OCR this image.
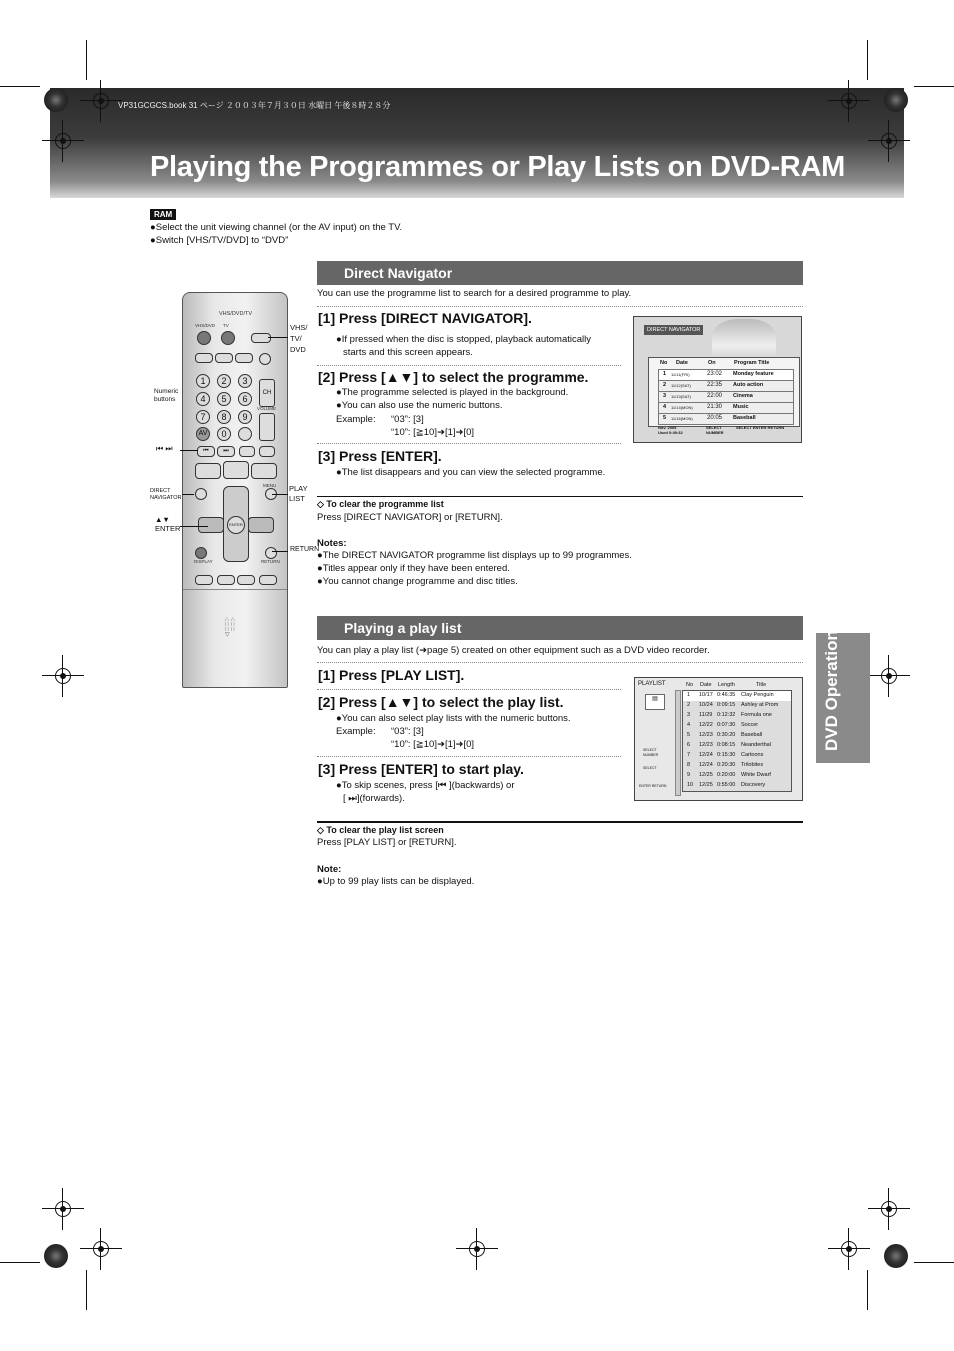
VP31GCGCS.book 31 ページ ２００３年７月３０日 水曜日 午後８時２８分
Playing the Programmes or Play Lists on DVD-RAM
RAM
●Select the unit viewing channel (or the AV input) on the TV.
●Switch [VHS/TV/DVD] to “DVD”
DVD Operations
VHS/DVD/TV
VHS/DVD TV
1	2	3
4	5	6
7	8	9
AV	0
CH
VOLUME
⏮	⏭
MENU
ENTER
DISPLAY	RETURN
∴∴
∷∷
∷∷
▽
VHS/ TV/ DVD
Numeric buttons
⏮ ⏭
DIRECT NAVIGATOR
▲▼ ENTER
PLAY LIST
RETURN
Direct Navigator
You can use the programme list to search for a desired programme to play.
[1] Press [DIRECT NAVIGATOR].
●If pressed when the disc is stopped, playback automatically
starts and this screen appears.
[2] Press [▲▼] to select the programme.
●The programme selected is played in the background.
●You can also use the numeric buttons.
Example: “03”: [3]
“10”: [≧10]➜[1]➜[0]
[3] Press [ENTER].
●The list disappears and you can view the selected programme.
◇ To clear the programme list
Press [DIRECT NAVIGATOR] or [RETURN].
Notes:
●The DIRECT NAVIGATOR programme list displays up to 99 programmes.
●Titles appear only if they have been entered.
●You cannot change programme and disc titles.
DIRECT NAVIGATOR
No Date	On	Program Title
1 11/11(FRI)	23:02 Monday feature
2 11/12(SAT)	22:35 Auto action
3 11/13(SAT)	22:00 Cinema
4 11/14(MON) 21:30 Music
5 11/16(MON) 20:05 Baseball
Nov. 2005 Used 0:49:32
SELECT NUMBER
SELECT ENTER RETURN
Playing a play list
You can play a play list (➜page 5) created on other equipment such as a DVD video recorder.
[1] Press [PLAY LIST].
[2] Press [▲▼] to select the play list.
●You can also select play lists with the numeric buttons.
Example: “03”: [3]
“10”: [≧10]➜[1]➜[0]
[3] Press [ENTER] to start play.
●To skip scenes, press [⏮ ](backwards) or
[ ⏭](forwards).
◇ To clear the play list screen
Press [PLAY LIST] or [RETURN].
Note:
●Up to 99 play lists can be displayed.
PLAYLIST
▤
SELECT NUMBER
SELECT
ENTER RETURN
No Date Length	Title
1 10/17 0:46:35 Clay Penguin
2 10/24 0:09:15 Ashley at Prom
3 11/29 0:12:32 Formula one
4 12/22 0:07:30 Soccer
5 12/23 0:30:20 Baseball
6 12/23 0:08:15 Neanderthal
7 12/24 0:15:30 Cartoons
8 12/24 0:20:30 Trilobites
9 12/25 0:20:00 White Dwarf
10 12/25 0:55:00 Discovery
